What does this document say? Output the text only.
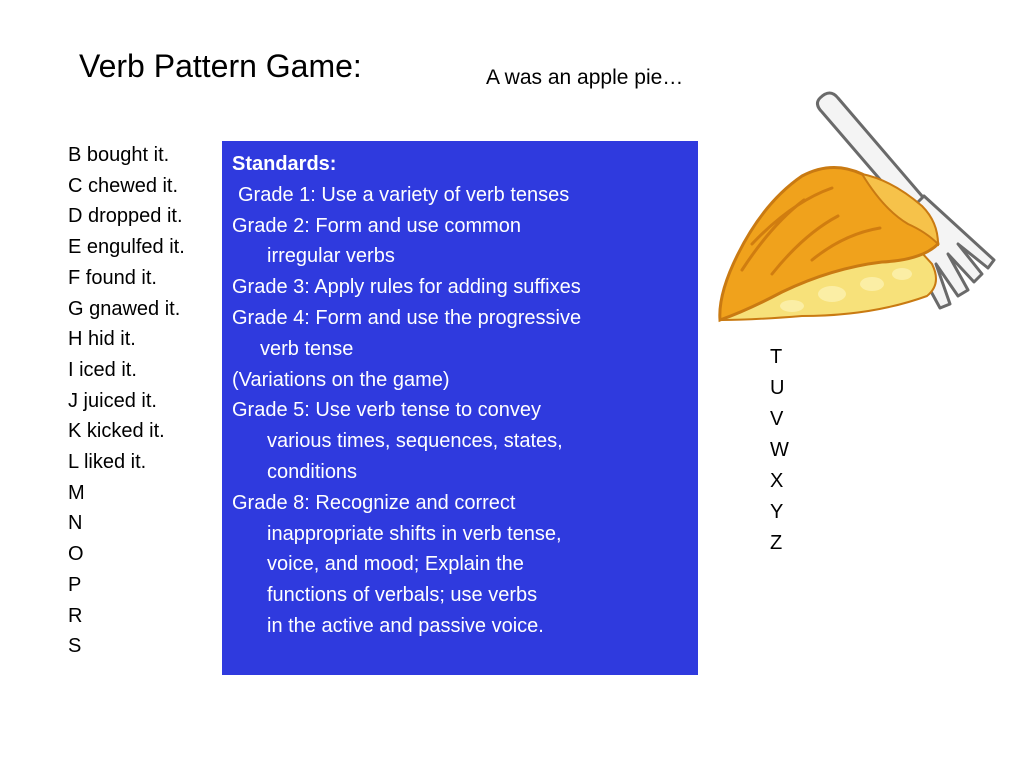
Verb Pattern Game:	A was an apple pie…
B bought it.
C chewed it.
D dropped it.
E engulfed it.
F found it.
G gnawed it.
H hid it.
I iced it.
J juiced it.
K kicked it.
L liked it.
M
N
O
P
R
S
Standards:
Grade 1: Use a variety of verb tenses
Grade 2: Form and use common
irregular verbs
Grade 3: Apply rules for adding suffixes
Grade 4: Form and use the progressive
verb tense
(Variations on the game)
Grade 5: Use verb tense to convey
various times, sequences, states,
conditions
Grade 8: Recognize and correct
inappropriate shifts in verb tense,
voice, and mood; Explain the
functions of verbals; use verbs
in the active and passive voice.
T
U
V
W
X
Y
Z
